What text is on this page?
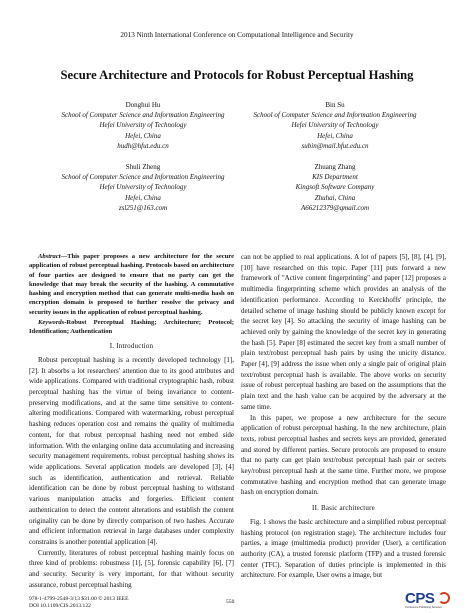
2013 Ninth International Conference on Computational Intelligence and Security
Secure Architecture and Protocols for Robust Perceptual Hashing
Donghui Hu
School of Computer Science and Information Engineering
Hefei University of Technology
Hefei, China
hudh@hfut.edu.cn
Bin Su
School of Computer Science and Information Engineering
Hefei University of Technology
Hefei, China
subin@mail.hfut.edu.cn
Shuli Zheng
School of Computer Science and Information Engineering
Hefei University of Technology
Hefei, China
zsl251@163.com
Zhuang Zhang
KIS Department
Kingsoft Software Company
Zhuhai, China
A66212379@qmail.com

Abstract—This paper proposes a new architecture for the secure application of robust perceptual hashing. Protocols based on architecture of four parties are designed to ensure that no party can get the knowledge that may break the security of the hashing. A commutative hashing and encryption method that can generate multi-media hash on encryption domain is proposed to further resolve the privacy and security issues in the application of robust perceptual hashing.

Keywords-Robust Perceptual Hashing; Architecture; Protocol; Identification; Authentication

I. Introduction

Robust perceptual hashing is a recently developed technology [1], [2]. It absorbs a lot researchers' attention due to its good attributes and wide applications. Compared with traditional cryptographic hash, robust perceptual hashing has the virtue of being invariance to content-preserving modifications, and at the same time sensitive to content-altering modifications. Compared with watermarking, robust perceptual hashing reduces operation cost and remains the quality of multimedia content, for that robust perceptual hashing need not embed side information. With the enlarging online data accumulating and increasing security management requirements, robust perceptual hashing shows its wide applications. Several application models are developed [3], [4] such as identification, authentication and retrieval. Reliable identification can be done by robust perceptual hashing to withstand various manipulation attacks and forgeries. Efficient content authentication to detect the content alterations and establish the content originality can be done by directly comparison of two hashes. Accurate and efficient information retrieval in large databases under complexity constrains is another potential application [4].

Currently, literatures of robust perceptual hashing mainly focus on three kind of problems: robustness [1], [5], forensic capability [6], [7] and security. Security is very important, for that without security assurance, robust perceptual hashing

can not be applied to real applications. A lot of papers [5], [8], [4], [9], [10] have researched on this topic. Paper [11] puts forward a new framework of "Active content fingerprinting" and paper [12] proposes a multimedia fingerprinting scheme which provides an analysis of the identification performance. According to Kerckhoffs' principle, the detailed scheme of image hashing should be publicly known except for the secret key [4]. So attacking the security of image hashing can be achieved only by gaining the knowledge of the secret key in generating the hash [5]. Paper [8] estimated the secret key from a small number of plain text/robust perceptual hash pairs by using the unicity distance. Paper [4], [9] address the issue when only a single pair of original plain text/robust perceptual hash is available. The above works on security issue of robust perceptual hashing are based on the assumptions that the plain text and the hash value can be acquired by the adversary at the same time.

In this paper, we propose a new architecture for the secure application of robust perceptual hashing. In the new architecture, plain texts, robust perceptual hashes and secrets keys are provided, generated and stored by different parties. Secure protocols are proposed to ensure that no party can get plain text/robust perceptual hash pair or secrets key/robust perceptual hash at the same time. Further more, we propose commutative hashing and encryption method that can generate image hash on encryption domain.

II. Basic architecture

Fig. 1 shows the basic architecture and a simplified robust perceptual hashing protocol (on registration stage). The architecture includes four parties, a image (multimedia product) provider (User), a certification authority (CA), a trusted forensic platform (TFP) and a trusted forensic center (TFC). Separation of duties principle is implemented in this architecture. For example, User owns a image, but

978-1-4799-2548-3/13 $31.00 © 2013 IEEE
DOI 10.1109/CIS.2013.122
550	CPS
Conference Publishing Services
